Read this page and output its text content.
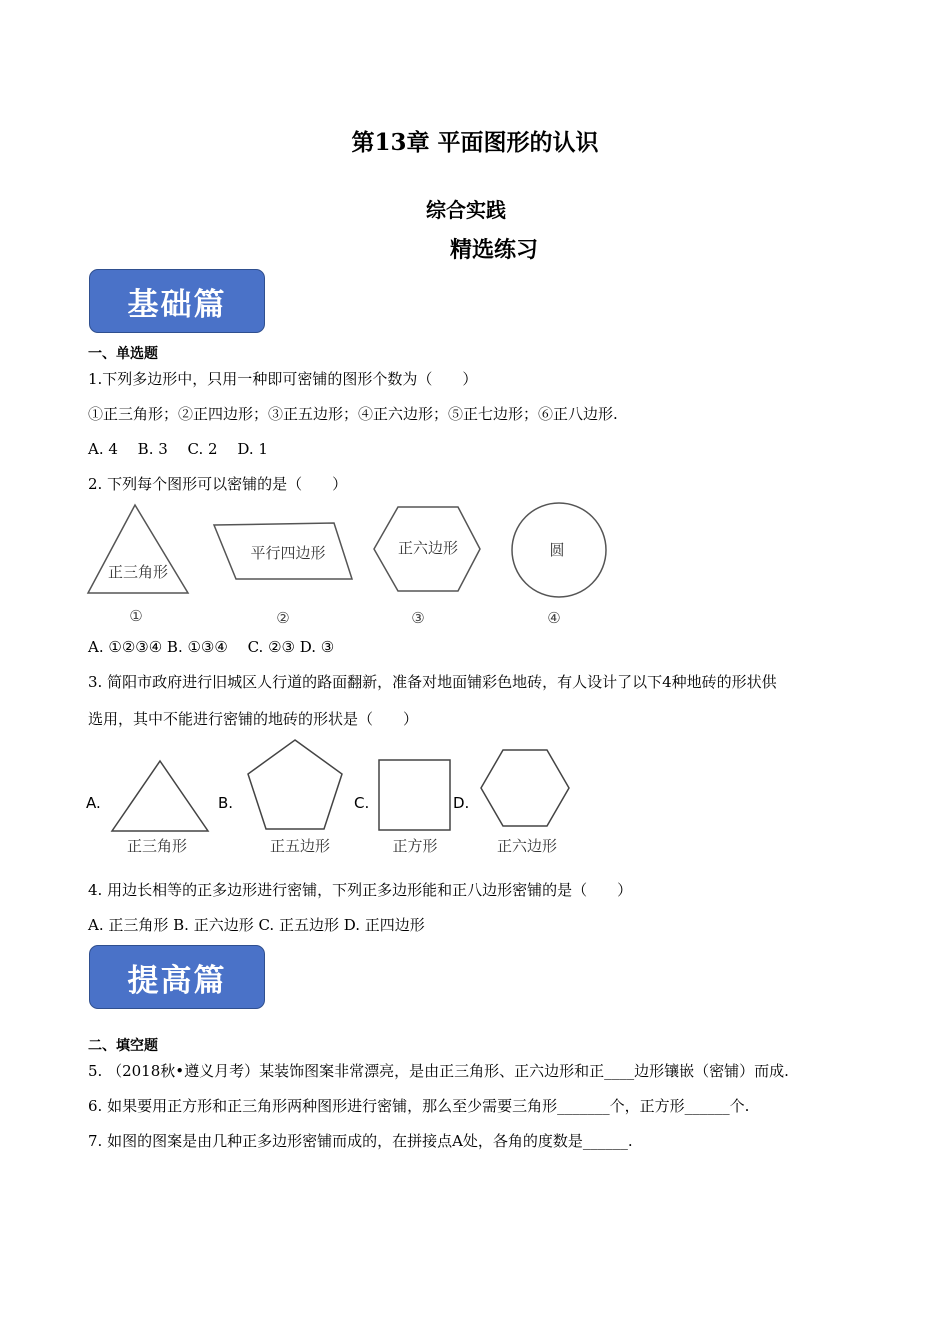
第13章 平面图形的认识
综合实践
精选练习
基础篇
一、单选题
1.下列多边形中，只用一种即可密铺的图形个数为（　　）
①正三角形；②正四边形；③正五边形；④正六边形；⑤正七边形；⑥正八边形.
A. 4　 B. 3　 C. 2　 D. 1
2. 下列每个图形可以密铺的是（　　）
正三角形
①
平行四边形
②
正六边形
③
圆
④
A. ①②③④ B. ①③④　 C. ②③ D. ③
3. 简阳市政府进行旧城区人行道的路面翻新，准备对地面铺彩色地砖，有人设计了以下4种地砖的形状供
选用，其中不能进行密铺的地砖的形状是（　　）
A.
正三角形
B.
正五边形
C.
正方形
D.
正六边形
4. 用边长相等的正多边形进行密铺，下列正多边形能和正八边形密铺的是（　　）
A. 正三角形 B. 正六边形 C. 正五边形 D. 正四边形
提高篇
二、填空题
5. （2018秋•遵义月考）某装饰图案非常漂亮，是由正三角形、正六边形和正____边形镶嵌（密铺）而成.
6. 如果要用正方形和正三角形两种图形进行密铺，那么至少需要三角形_______个，正方形______个.
7. 如图的图案是由几种正多边形密铺而成的，在拼接点A处，各角的度数是______.
